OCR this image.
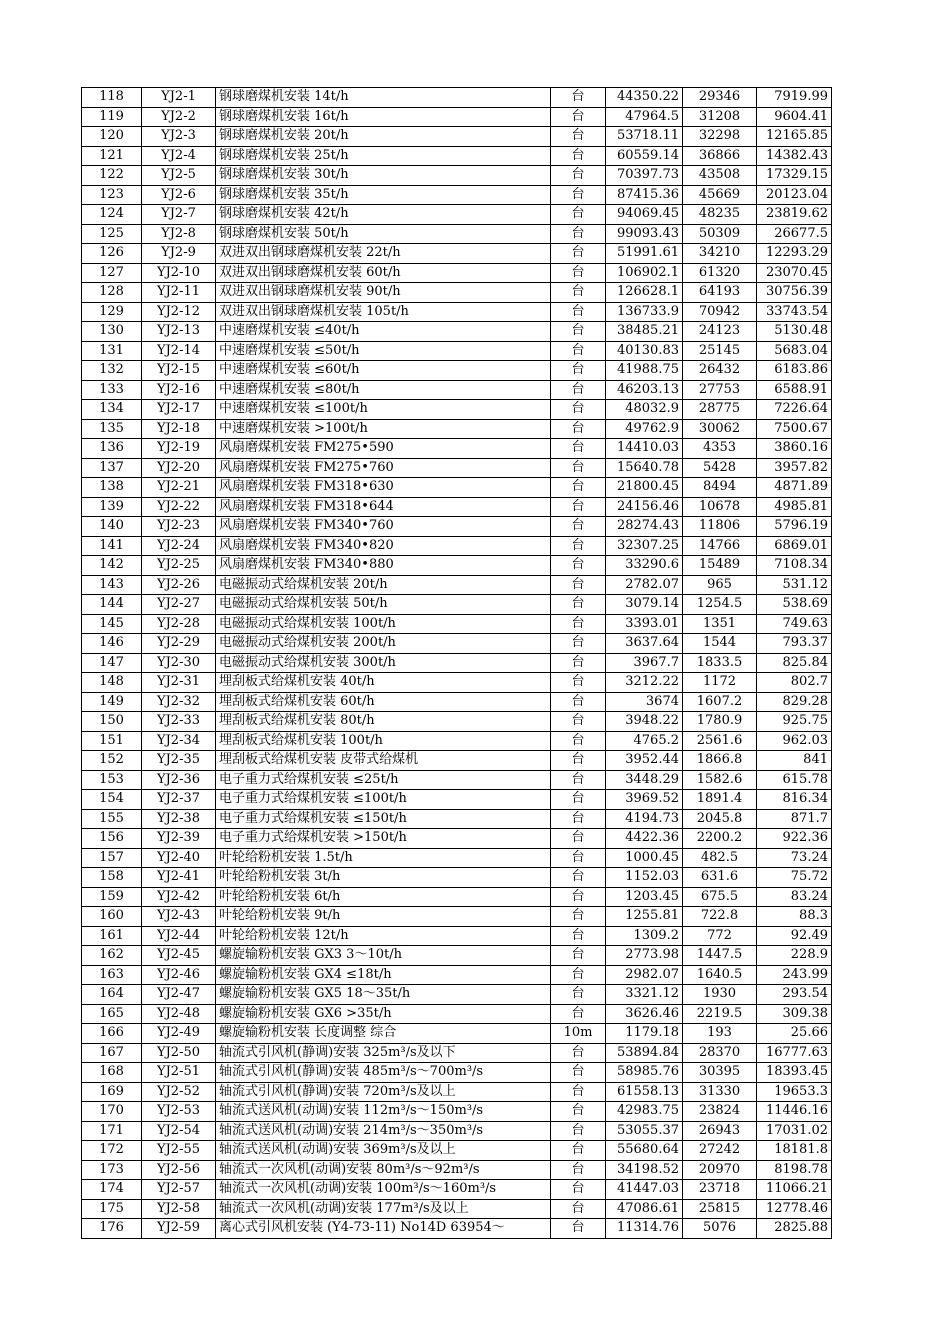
118	YJ2-1	钢球磨煤机安装 14t/h	台	44350.22	29346	7919.99
119	YJ2-2	钢球磨煤机安装 16t/h	台	47964.5	31208	9604.41
120	YJ2-3	钢球磨煤机安装 20t/h	台	53718.11	32298	12165.85
121	YJ2-4	钢球磨煤机安装 25t/h	台	60559.14	36866	14382.43
122	YJ2-5	钢球磨煤机安装 30t/h	台	70397.73	43508	17329.15
123	YJ2-6	钢球磨煤机安装 35t/h	台	87415.36	45669	20123.04
124	YJ2-7	钢球磨煤机安装 42t/h	台	94069.45	48235	23819.62
125	YJ2-8	钢球磨煤机安装 50t/h	台	99093.43	50309	26677.5
126	YJ2-9	双进双出钢球磨煤机安装 22t/h	台	51991.61	34210	12293.29
127	YJ2-10	双进双出钢球磨煤机安装 60t/h	台	106902.1	61320	23070.45
128	YJ2-11	双进双出钢球磨煤机安装 90t/h	台	126628.1	64193	30756.39
129	YJ2-12	双进双出钢球磨煤机安装 105t/h	台	136733.9	70942	33743.54
130	YJ2-13	中速磨煤机安装 ≤40t/h	台	38485.21	24123	5130.48
131	YJ2-14	中速磨煤机安装 ≤50t/h	台	40130.83	25145	5683.04
132	YJ2-15	中速磨煤机安装 ≤60t/h	台	41988.75	26432	6183.86
133	YJ2-16	中速磨煤机安装 ≤80t/h	台	46203.13	27753	6588.91
134	YJ2-17	中速磨煤机安装 ≤100t/h	台	48032.9	28775	7226.64
135	YJ2-18	中速磨煤机安装 >100t/h	台	49762.9	30062	7500.67
136	YJ2-19	风扇磨煤机安装 FM275•590	台	14410.03	4353	3860.16
137	YJ2-20	风扇磨煤机安装 FM275•760	台	15640.78	5428	3957.82
138	YJ2-21	风扇磨煤机安装 FM318•630	台	21800.45	8494	4871.89
139	YJ2-22	风扇磨煤机安装 FM318•644	台	24156.46	10678	4985.81
140	YJ2-23	风扇磨煤机安装 FM340•760	台	28274.43	11806	5796.19
141	YJ2-24	风扇磨煤机安装 FM340•820	台	32307.25	14766	6869.01
142	YJ2-25	风扇磨煤机安装 FM340•880	台	33290.6	15489	7108.34
143	YJ2-26	电磁振动式给煤机安装 20t/h	台	2782.07	965	531.12
144	YJ2-27	电磁振动式给煤机安装 50t/h	台	3079.14	1254.5	538.69
145	YJ2-28	电磁振动式给煤机安装 100t/h	台	3393.01	1351	749.63
146	YJ2-29	电磁振动式给煤机安装 200t/h	台	3637.64	1544	793.37
147	YJ2-30	电磁振动式给煤机安装 300t/h	台	3967.7	1833.5	825.84
148	YJ2-31	埋刮板式给煤机安装 40t/h	台	3212.22	1172	802.7
149	YJ2-32	埋刮板式给煤机安装 60t/h	台	3674	1607.2	829.28
150	YJ2-33	埋刮板式给煤机安装 80t/h	台	3948.22	1780.9	925.75
151	YJ2-34	埋刮板式给煤机安装 100t/h	台	4765.2	2561.6	962.03
152	YJ2-35	埋刮板式给煤机安装 皮带式给煤机	台	3952.44	1866.8	841
153	YJ2-36	电子重力式给煤机安装 ≤25t/h	台	3448.29	1582.6	615.78
154	YJ2-37	电子重力式给煤机安装 ≤100t/h	台	3969.52	1891.4	816.34
155	YJ2-38	电子重力式给煤机安装 ≤150t/h	台	4194.73	2045.8	871.7
156	YJ2-39	电子重力式给煤机安装 >150t/h	台	4422.36	2200.2	922.36
157	YJ2-40	叶轮给粉机安装 1.5t/h	台	1000.45	482.5	73.24
158	YJ2-41	叶轮给粉机安装 3t/h	台	1152.03	631.6	75.72
159	YJ2-42	叶轮给粉机安装 6t/h	台	1203.45	675.5	83.24
160	YJ2-43	叶轮给粉机安装 9t/h	台	1255.81	722.8	88.3
161	YJ2-44	叶轮给粉机安装 12t/h	台	1309.2	772	92.49
162	YJ2-45	螺旋输粉机安装 GX3 3～10t/h	台	2773.98	1447.5	228.9
163	YJ2-46	螺旋输粉机安装 GX4 ≤18t/h	台	2982.07	1640.5	243.99
164	YJ2-47	螺旋输粉机安装 GX5 18～35t/h	台	3321.12	1930	293.54
165	YJ2-48	螺旋输粉机安装 GX6 >35t/h	台	3626.46	2219.5	309.38
166	YJ2-49	螺旋输粉机安装 长度调整 综合	10m	1179.18	193	25.66
167	YJ2-50	轴流式引风机(静调)安装 325m³/s及以下	台	53894.84	28370	16777.63
168	YJ2-51	轴流式引风机(静调)安装 485m³/s～700m³/s	台	58985.76	30395	18393.45
169	YJ2-52	轴流式引风机(静调)安装 720m³/s及以上	台	61558.13	31330	19653.3
170	YJ2-53	轴流式送风机(动调)安装 112m³/s～150m³/s	台	42983.75	23824	11446.16
171	YJ2-54	轴流式送风机(动调)安装 214m³/s～350m³/s	台	53055.37	26943	17031.02
172	YJ2-55	轴流式送风机(动调)安装 369m³/s及以上	台	55680.64	27242	18181.8
173	YJ2-56	轴流式一次风机(动调)安装 80m³/s～92m³/s	台	34198.52	20970	8198.78
174	YJ2-57	轴流式一次风机(动调)安装 100m³/s～160m³/s	台	41447.03	23718	11066.21
175	YJ2-58	轴流式一次风机(动调)安装 177m³/s及以上	台	47086.61	25815	12778.46
176	YJ2-59	离心式引风机安装 (Y4-73-11) No14D 63954～	台	11314.76	5076	2825.88
